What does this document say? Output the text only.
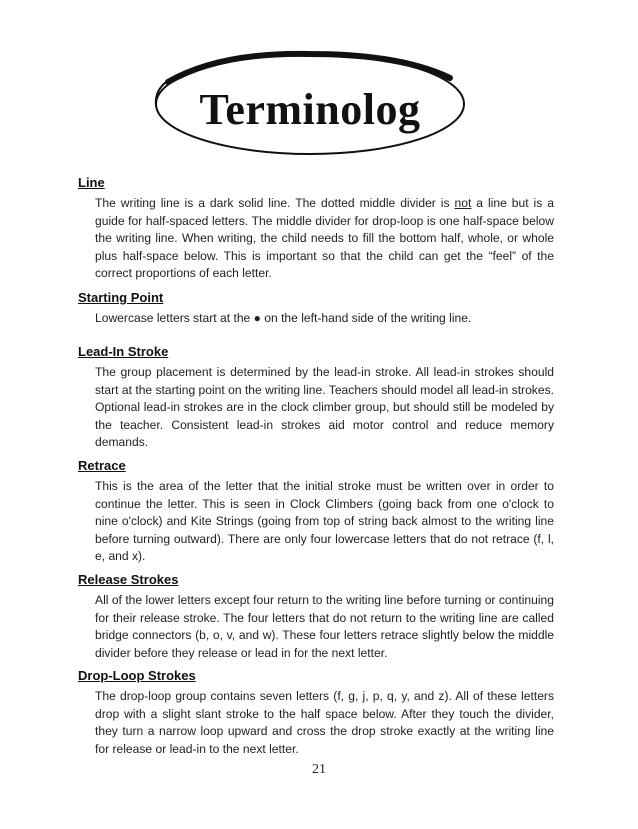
Terminolog
Line
The writing line is a dark solid line. The dotted middle divider is not a line but is a guide for half-spaced letters. The middle divider for drop-loop is one half-space below the writing line. When writing, the child needs to fill the bottom half, whole, or whole plus half-space below. This is important so that the child can get the “feel” of the correct proportions of each letter.
Starting Point
Lowercase letters start at the ● on the left-hand side of the writing line.
Lead-In Stroke
The group placement is determined by the lead-in stroke. All lead-in strokes should start at the starting point on the writing line. Teachers should model all lead-in strokes. Optional lead-in strokes are in the clock climber group, but should still be modeled by the teacher. Consistent lead-in strokes aid motor control and reduce memory demands.
Retrace
This is the area of the letter that the initial stroke must be written over in order to continue the letter. This is seen in Clock Climbers (going back from one o'clock to nine o'clock) and Kite Strings (going from top of string back almost to the writing line before turning outward). There are only four lowercase letters that do not retrace (f, l, e, and x).
Release Strokes
All of the lower letters except four return to the writing line before turning or continuing for their release stroke. The four letters that do not return to the writing line are called bridge connectors (b, o, v, and w). These four letters retrace slightly below the middle divider before they release or lead in for the next letter.
Drop-Loop Strokes
The drop-loop group contains seven letters (f, g, j, p, q, y, and z). All of these letters drop with a slight slant stroke to the half space below. After they touch the divider, they turn a narrow loop upward and cross the drop stroke exactly at the writing line for release or lead-in to the next letter.
21
